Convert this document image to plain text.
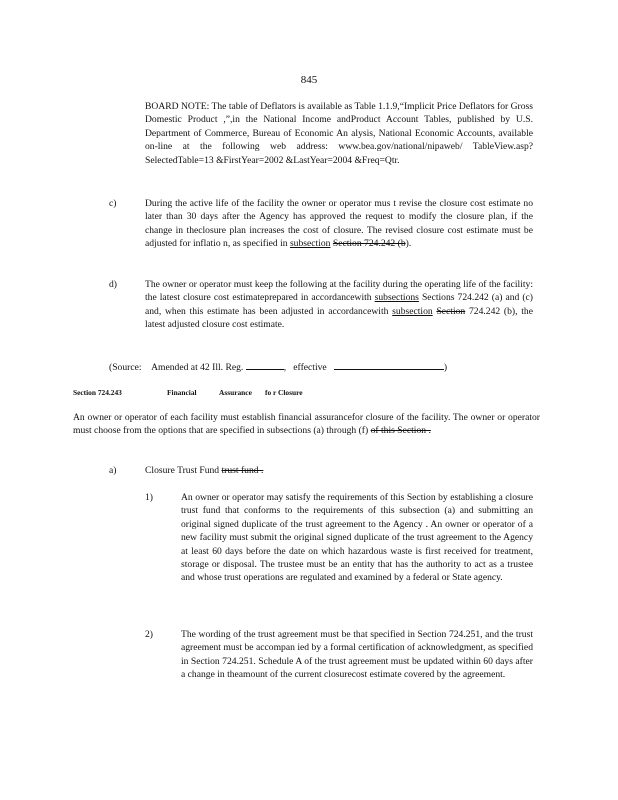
845
BOARD NOTE: The table of Deflators is available as Table 1.1.9,“Implicit Price Deflators for Gross Domestic Product ,”,in the National Income andProduct Account Tables, published by U.S. Department of Commerce, Bureau of Economic An alysis, National Economic Accounts, available on-line at the following web address: www.bea.gov/national/nipaweb/ TableView.asp? SelectedTable=13 &FirstYear=2002 &LastYear=2004 &Freq=Qtr.
c)	During the active life of the facility the owner or operator mus t revise the closure cost estimate no later than 30 days after the Agency has approved the request to modify the closure plan, if the change in theclosure plan increases the cost of closure. The revised closure cost estimate must be adjusted for inflatio n, as specified in subsection Section 724.242 (b).
d)	The owner or operator must keep the following at the facility during the operating life of the facility: the latest closure cost estimateprepared in accordancewith subsections Sections 724.242 (a) and (c) and, when this estimate has been adjusted in accordancewith subsection Section 724.242 (b), the latest adjusted closure cost estimate.
(Source: Amended at 42 Ill. Reg.	,   effective	)
Section 724.243	Financial	Assurance fo r Closure
An owner or operator of each facility must establish financial assurancefor closure of the facility. The owner or operator must choose from the options that are specified in subsections (a) through (f) of this Section .
a)	Closure Trust Fund trust fund .
1)	An owner or operator may satisfy the requirements of this Section by establishing a closure trust fund that conforms to the requirements of this subsection (a) and submitting an original signed duplicate of the trust agreement to the Agency . An owner or operator of a new facility must submit the original signed duplicate of the trust agreement to the Agency at least 60 days before the date on which hazardous waste is first received for treatment, storage or disposal. The trustee must be an entity that has the authority to act as a trustee and whose trust operations are regulated and examined by a federal or State agency.
2)	The wording of the trust agreement must be that specified in Section 724.251, and the trust agreement must be accompan ied by a formal certification of acknowledgment, as specified in Section 724.251. Schedule A of the trust agreement must be updated within 60 days after a change in theamount of the current closurecost estimate covered by the agreement.
